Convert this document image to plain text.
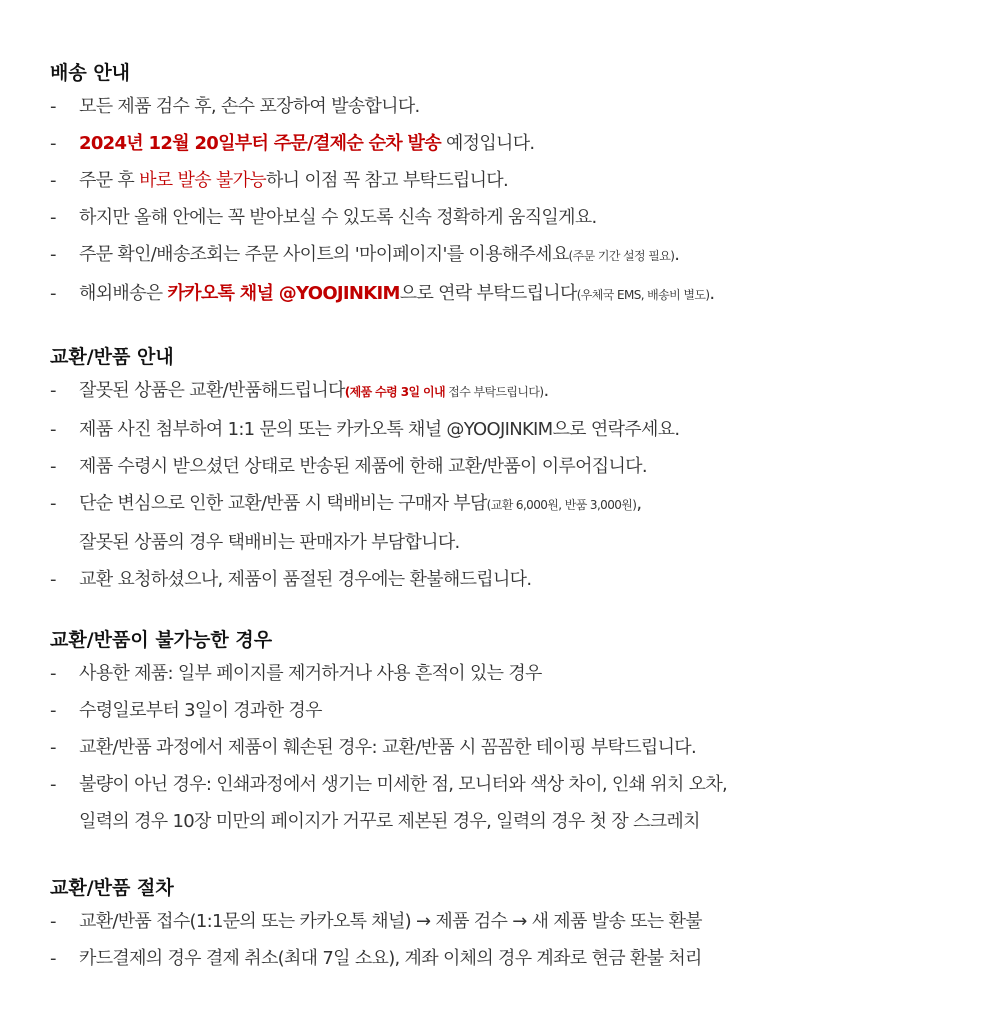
배송 안내
-	모든 제품 검수 후, 손수 포장하여 발송합니다.
-	2024년 12월 20일부터 주문/결제순 순차 발송 예정입니다.
-	주문 후 바로 발송 불가능하니 이점 꼭 참고 부탁드립니다.
-	하지만 올해 안에는 꼭 받아보실 수 있도록 신속 정확하게 움직일게요.
-	주문 확인/배송조회는 주문 사이트의 '마이페이지'를 이용해주세요(주문 기간 설정 필요).
-	해외배송은 카카오톡 채널 @YOOJINKIM으로 연락 부탁드립니다(우체국 EMS, 배송비 별도).
교환/반품 안내
-	잘못된 상품은 교환/반품해드립니다(제품 수령 3일 이내 접수 부탁드립니다).
-	제품 사진 첨부하여 1:1 문의 또는 카카오톡 채널 @YOOJINKIM으로 연락주세요.
-	제품 수령시 받으셨던 상태로 반송된 제품에 한해 교환/반품이 이루어집니다.
-	단순 변심으로 인한 교환/반품 시 택배비는 구매자 부담(교환 6,000원, 반품 3,000원),
잘못된 상품의 경우 택배비는 판매자가 부담합니다.
-	교환 요청하셨으나, 제품이 품절된 경우에는 환불해드립니다.
교환/반품이 불가능한 경우
-	사용한 제품: 일부 페이지를 제거하거나 사용 흔적이 있는 경우
-	수령일로부터 3일이 경과한 경우
-	교환/반품 과정에서 제품이 훼손된 경우: 교환/반품 시 꼼꼼한 테이핑 부탁드립니다.
-	불량이 아닌 경우: 인쇄과정에서 생기는 미세한 점, 모니터와 색상 차이, 인쇄 위치 오차,
일력의 경우 10장 미만의 페이지가 거꾸로 제본된 경우, 일력의 경우 첫 장 스크레치
교환/반품 절차
-	교환/반품 접수(1:1문의 또는 카카오톡 채널) → 제품 검수 → 새 제품 발송 또는 환불
-	카드결제의 경우 결제 취소(최대 7일 소요), 계좌 이체의 경우 계좌로 현금 환불 처리
